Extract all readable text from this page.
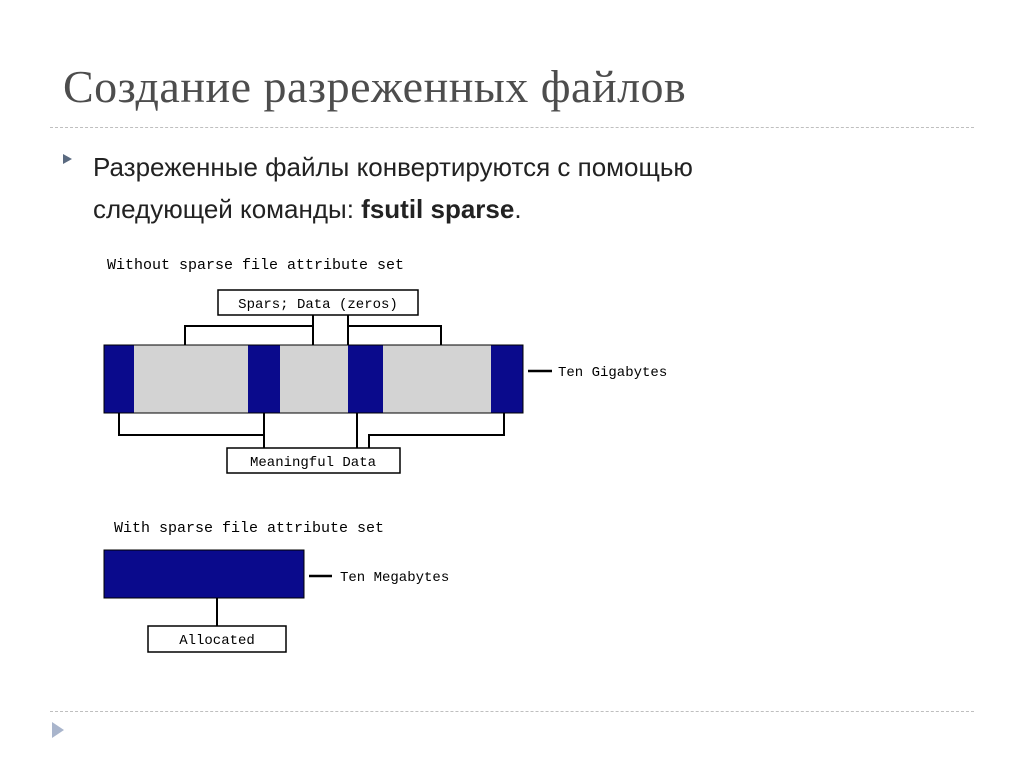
Создание разреженных файлов
Разреженные файлы конвертируются с помощью
следующей команды: fsutil sparse.
Without sparse file attribute set
Spars; Data (zeros)
Ten Gigabytes
Meaningful Data
With sparse file attribute set
Ten Megabytes
Allocated
